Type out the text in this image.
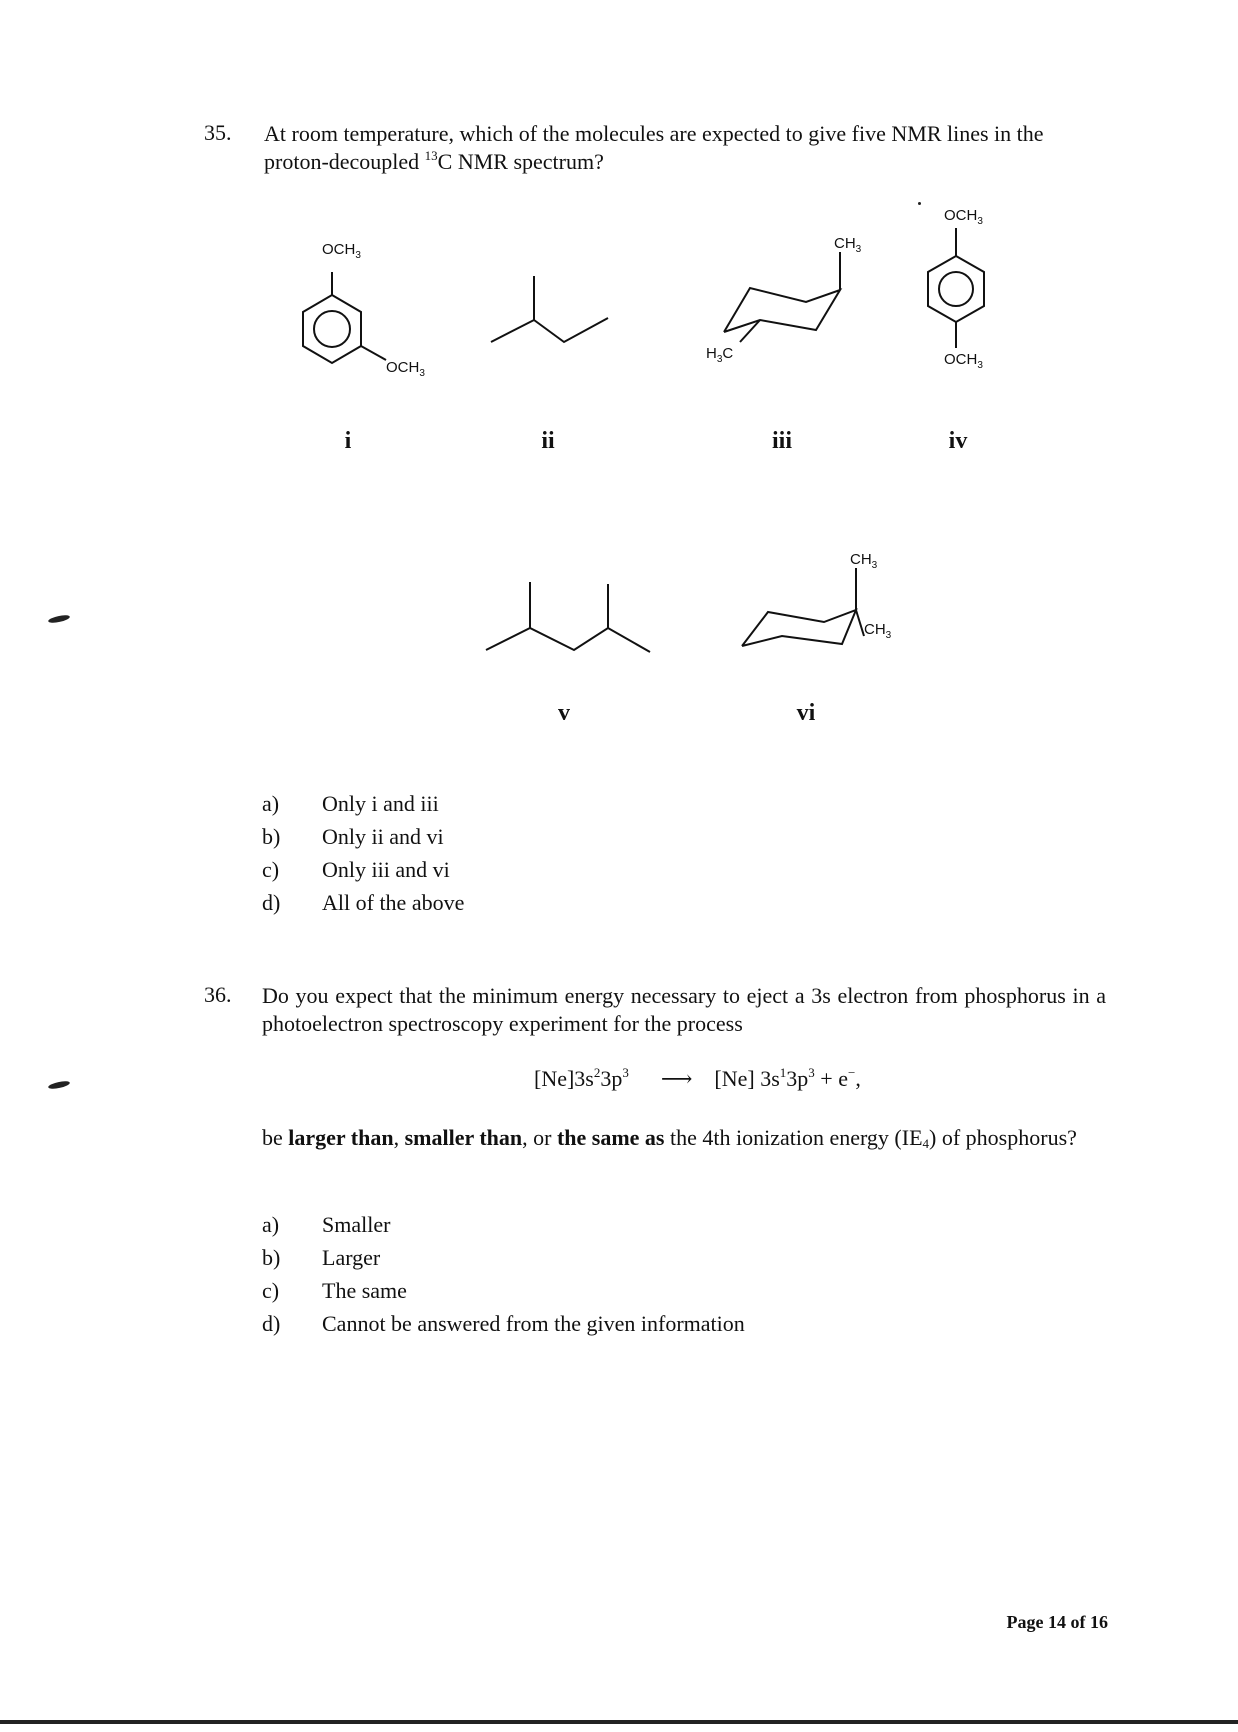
35. At room temperature, which of the molecules are expected to give five NMR lines in the proton-decoupled $^{13}$C NMR spectrum?
$OCH_3$
$OCH_3$
i	ii
$CH_3$
$H_3C$
iii
$OCH_3$
$OCH_3$
iv
v
$CH_3$
$CH_3$
vi
a)	Only i and iii
b)	Only ii and vi
c)	Only iii and vi
d)	All of the above
36. Do you expect that the minimum energy necessary to eject a 3s electron from phosphorus in a photoelectron spectroscopy experiment for the process
$[Ne]3s^23p^3$ ⟶ [Ne] $3s^13p^3 + e^-$,
be larger than, smaller than, or the same as the 4th ionization energy $(IE_4)$ of phosphorus?
a)	Smaller
b)	Larger
c)	The same
d)	Cannot be answered from the given information
Page 14 of 16
